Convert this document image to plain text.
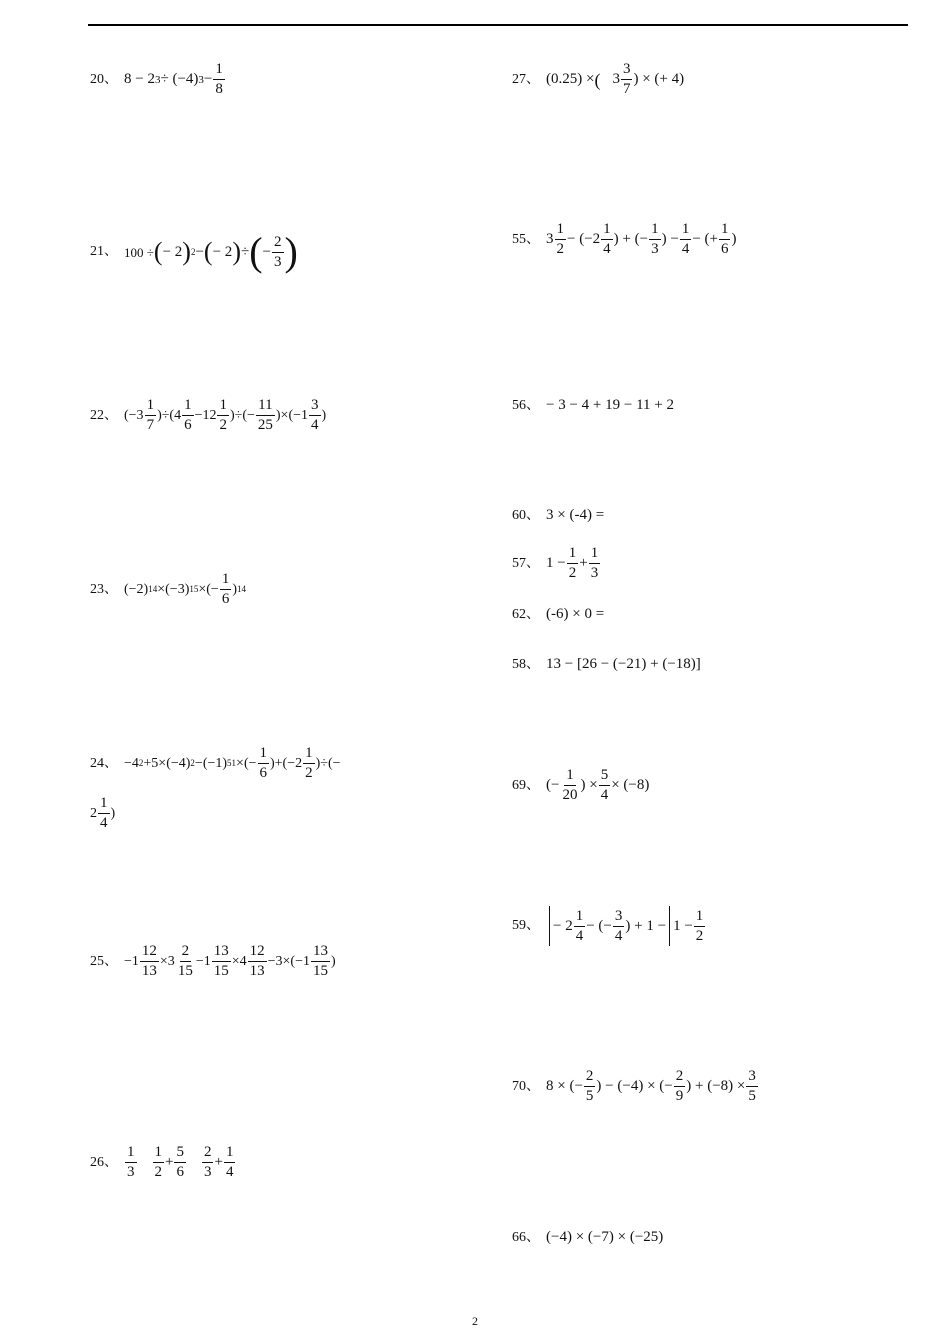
20、 8 − 2 3 ÷ (−4) $3 - \frac{1}{8}$
21、 100 ÷ ( − 2 ) 2 − ( − 2 ) ÷ ( − $\frac{2}{3}$ )
22、 $(-3 \frac{1}{7} )\div(4 \frac{1}{6} -12 \frac{1}{2}$ )÷(− $\frac{11}{25} )\times(-1 \frac{3}{4}$ )
23、 (−2) 14 ×(−3) 15 ×(− $\frac{1}{6}$ ) 14
24、 −4 2 +5×(−4) 2 −(−1) 51 ×(− $\frac{1}{6} )+(-2 \frac{1}{2}$ )÷(−
$2 \frac{1}{4}$ )
25、 $-1 \frac{12}{13} \times 3 \frac{2}{15} -1 \frac{13}{15} \times 4 \frac{12}{13} -3\times(-1 \frac{13}{15}$ )
26、 $\frac{1}{3} \frac{1}{2} + \frac{5}{6} \frac{2}{3} + \frac{1}{4}$
27、 ( 0.25) × ( $3 \frac{3}{7}$ ) × (+ 4)
55、 $3 \frac{1}{2} - (-2 \frac{1}{4}$ ) + (− $\frac{1}{3}$ ) − $\frac{1}{4}$ − (+ $\frac{1}{6}$ )
56、 − 3 − 4 + 19 − 11 + 2
60、 3 × (-4) =
57、 $1 - \frac{1}{2} + \frac{1}{3}$
62、 (-6) × 0 =
58、 13 − [26 − (−21) + (−18)]
69、 (− $\frac{1}{20}$ ) × $\frac{5}{4} \times (-8)$
59、 − $2 \frac{1}{4}$ − (− $\frac{3}{4}$ ) + $1 - 1 - \frac{1}{2}$
70、 8 × (− $\frac{2}{5}$ ) − (−4) × (− $\frac{2}{9}$ ) + $(-8) \times \frac{3}{5}$
66、 (−4) × (−7) × (−25)
2
